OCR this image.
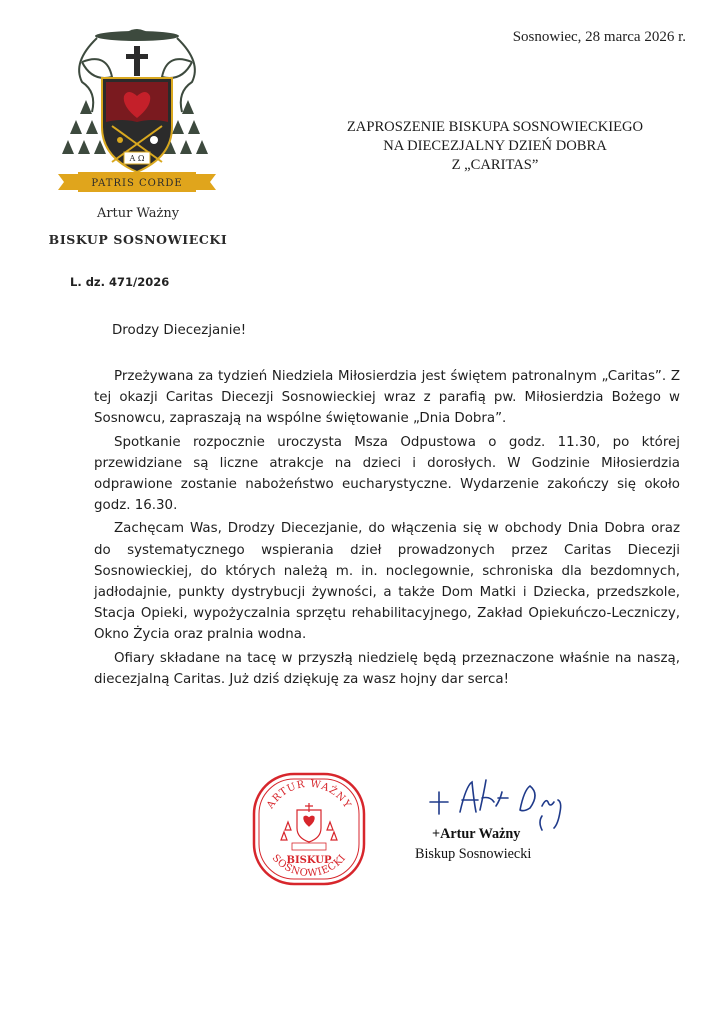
A Ω
PATRIS CORDE
Artur Ważny
BISKUP SOSNOWIECKI
L. dz. 471/2026
Sosnowiec, 28 marca 2026 r.
ZAPROSZENIE BISKUPA SOSNOWIECKIEGO
NA DIECEZJALNY DZIEŃ DOBRA
Z „CARITAS”
Drodzy Diecezjanie!

Przeżywana za tydzień Niedziela Miłosierdzia jest świętem patronalnym „Caritas”. Z tej okazji Caritas Diecezji Sosnowieckiej wraz z parafią pw. Miłosierdzia Bożego w Sosnowcu, zapraszają na wspólne świętowanie „Dnia Dobra”.

Spotkanie rozpocznie uroczysta Msza Odpustowa o godz. 11.30, po której przewidziane są liczne atrakcje na dzieci i dorosłych. W Godzinie Miłosierdzia odprawione zostanie nabożeństwo eucharystyczne. Wydarzenie zakończy się około godz. 16.30.

Zachęcam Was, Drodzy Diecezjanie, do włączenia się w obchody Dnia Dobra oraz do systematycznego wspierania dzieł prowadzonych przez Caritas Diecezji Sosnowieckiej, do których należą m. in. noclegownie, schroniska dla bezdomnych, jadłodajnie, punkty dystrybucji żywności, a także Dom Matki i Dziecka, przedszkole, Stacja Opieki, wypożyczalnia sprzętu rehabilitacyjnego, Zakład Opiekuńczo-Leczniczy, Okno Życia oraz pralnia wodna.

Ofiary składane na tacę w przyszłą niedzielę będą przeznaczone właśnie na naszą, diecezjalną Caritas. Już dziś dziękuję za wasz hojny dar serca!

ARTUR WAŻNY
SOSNOWIECKI
BISKUP
+Artur Ważny
Biskup Sosnowiecki
